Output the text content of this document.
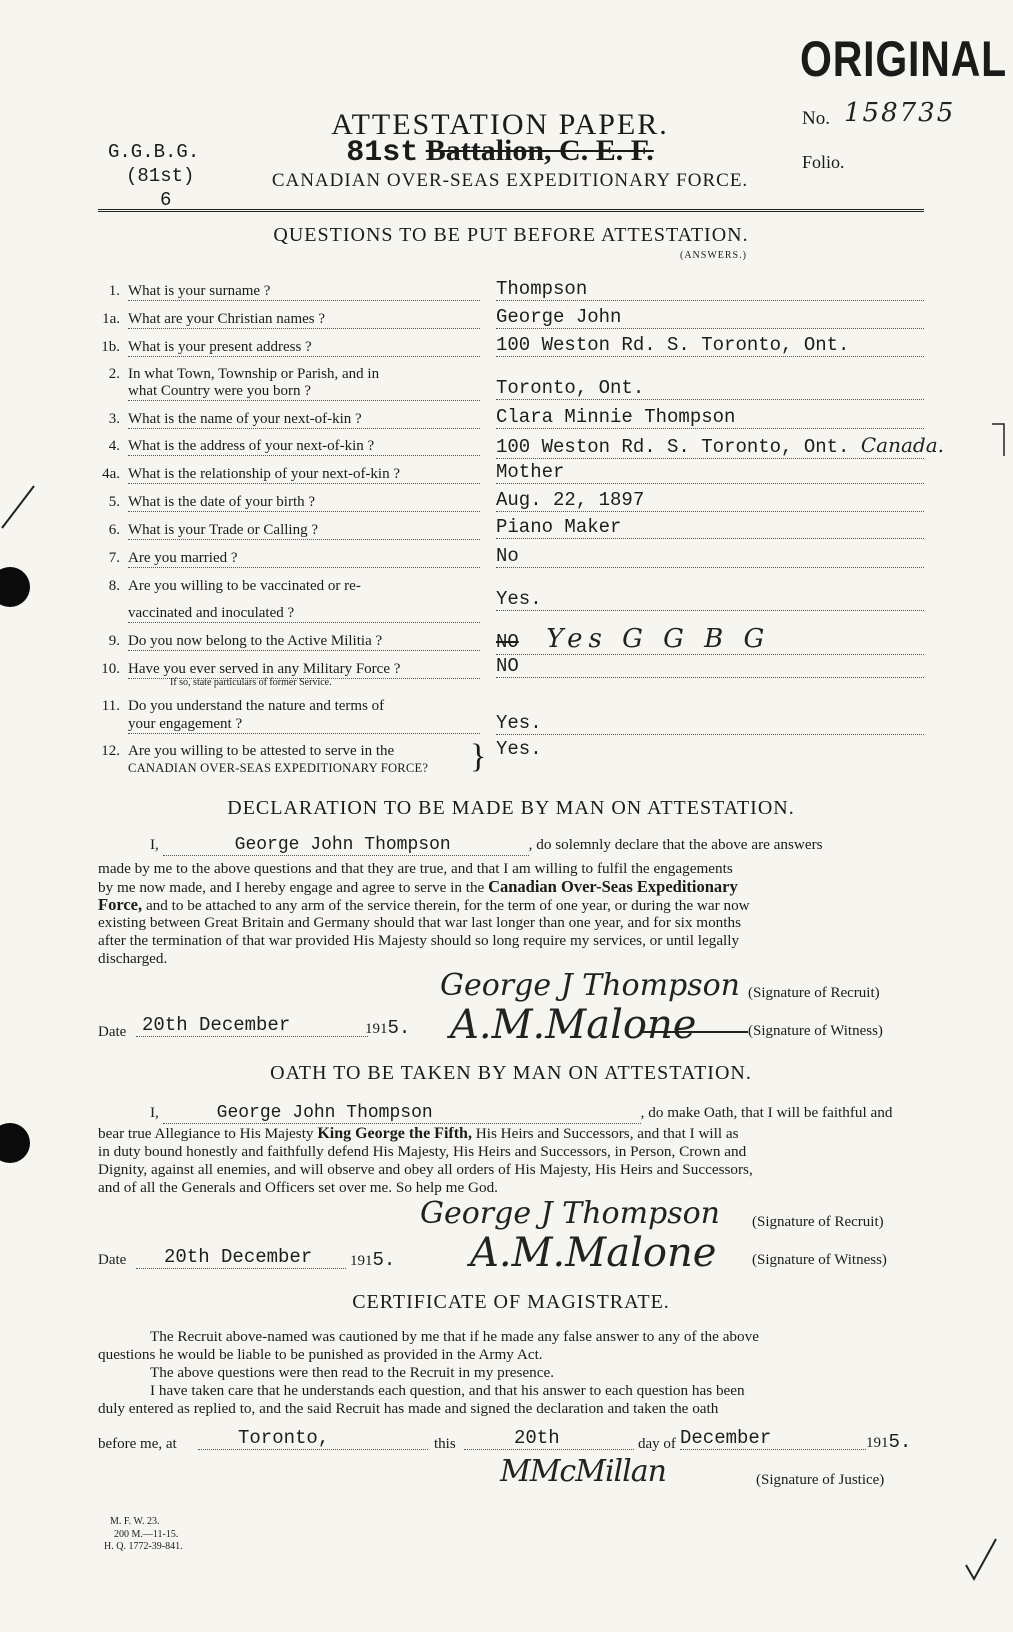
ORIGINAL
No. 158735
Folio.
G.G.B.G.
(81st)
6
ATTESTATION PAPER.
81st Battalion, C. E. F.
CANADIAN OVER-SEAS EXPEDITIONARY FORCE.
QUESTIONS TO BE PUT BEFORE ATTESTATION.
(ANSWERS.)
1. What is your surname ?	Thompson
1a. What are your Christian names ?	George John
1b. What is your present address ?	100 Weston Rd. S. Toronto, Ont.
2. In what Town, Township or Parish, and in
what Country were you born ?	Toronto, Ont.
3. What is the name of your next-of-kin ?	Clara Minnie Thompson
4. What is the address of your next-of-kin ?	100 Weston Rd. S. Toronto, Ont. Canada.
4a. What is the relationship of your next-of-kin ?	Mother
5. What is the date of your birth ?	Aug. 22, 1897
6. What is your Trade or Calling ?	Piano Maker
7. Are you married ?	No
8. Are you willing to be vaccinated or re-
vaccinated and inoculated ?
Yes.
9. Do you now belong to the Active Militia ?	NO Yes G G B G
10. Have you ever served in any Military Force ?
If so, state particulars of former Service.
NO
11. Do you understand the nature and terms of
your engagement ?	Yes.
12. Are you willing to be attested to serve in the
CANADIAN OVER-SEAS EXPEDITIONARY FORCE? } Yes.
DECLARATION TO BE MADE BY MAN ON ATTESTATION.
I,	George John Thompson	, do solemnly declare that the above are answers
made by me to the above questions and that they are true, and that I am willing to fulfil the engagements
by me now made, and I hereby engage and agree to serve in the Canadian Over-Seas Expeditionary
Force, and to be attached to any arm of the service therein, for the term of one year, or during the war now
existing between Great Britain and Germany should that war last longer than one year, and for six months
after the termination of that war provided His Majesty should so long require my services, or until legally
discharged.
George J Thompson (Signature of Recruit)
Date 20th December	1915. A.M.Malone	(Signature of Witness)
OATH TO BE TAKEN BY MAN ON ATTESTATION.
I,	George John Thompson	, do make Oath, that I will be faithful and
bear true Allegiance to His Majesty King George the Fifth, His Heirs and Successors, and that I will as
in duty bound honestly and faithfully defend His Majesty, His Heirs and Successors, in Person, Crown and
Dignity, against all enemies, and will observe and obey all orders of His Majesty, His Heirs and Successors,
and of all the Generals and Officers set over me. So help me God.
George J Thompson (Signature of Recruit)
Date	20th December	1915. A.M.Malone (Signature of Witness)
CERTIFICATE OF MAGISTRATE.
The Recruit above-named was cautioned by me that if he made any false answer to any of the above
questions he would be liable to be punished as provided in the Army Act.
The above questions were then read to the Recruit in my presence.
I have taken care that he understands each question, and that his answer to each question has been
duly entered as replied to, and the said Recruit has made and signed the declaration and taken the oath
before me, at	Toronto,	this	20th	day of December	1915.
MMcMillan	(Signature of Justice)
M. F. W. 23.
200 M.—11-15.
H. Q. 1772-39-841.
